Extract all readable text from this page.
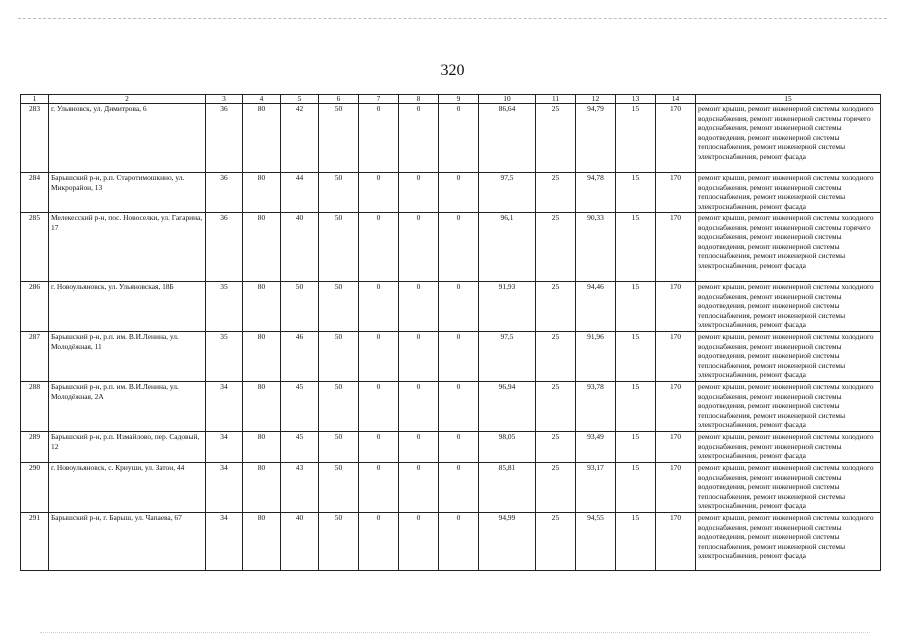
320
1	2	3	4	5	6	7	8	9	10	11	12	13	14	15
283	г. Ульяновск, ул. Димитрова, 6	36	80	42	50	0	0	0	86,64	25	94,79	15	170	ремонт крыши, ремонт инженерной системы холодного водоснабжения, ремонт инженерной системы горячего водоснабжения, ремонт инженерной системы водоотведения, ремонт инженерной системы теплоснабжения, ремонт инженерной системы электроснабжения, ремонт фасада
284	Барышский р-н, р.п. Старотимошкино, ул. Микрорайон, 13	36	80	44	50	0	0	0	97,5	25	94,78	15	170	ремонт крыши, ремонт инженерной системы холодного водоснабжения, ремонт инженерной системы теплоснабжения, ремонт инженерной системы электроснабжения, ремонт фасада
285	Мелекесский р-н, пос. Новоселки, ул. Гагарина, 17	36	80	40	50	0	0	0	96,1	25	90,33	15	170	ремонт крыши, ремонт инженерной системы холодного водоснабжения, ремонт инженерной системы горячего водоснабжения, ремонт инженерной системы водоотведения, ремонт инженерной системы теплоснабжения, ремонт инженерной системы электроснабжения, ремонт фасада
286	г. Новоульяновск, ул. Ульяновская, 18Б	35	80	50	50	0	0	0	91,93	25	94,46	15	170	ремонт крыши, ремонт инженерной системы холодного водоснабжения, ремонт инженерной системы водоотведения, ремонт инженерной системы теплоснабжения, ремонт инженерной системы электроснабжения, ремонт фасада
287	Барышский р-н, р.п. им. В.И.Ленина, ул. Молодёжная, 11	35	80	46	50	0	0	0	97,5	25	91,96	15	170	ремонт крыши, ремонт инженерной системы холодного водоснабжения, ремонт инженерной системы водоотведения, ремонт инженерной системы теплоснабжения, ремонт инженерной системы электроснабжения, ремонт фасада
288	Барышский р-н, р.п. им. В.И.Ленина, ул. Молодёжная, 2А	34	80	45	50	0	0	0	96,94	25	93,78	15	170	ремонт крыши, ремонт инженерной системы холодного водоснабжения, ремонт инженерной системы водоотведения, ремонт инженерной системы теплоснабжения, ремонт инженерной системы электроснабжения, ремонт фасада
289	Барышский р-н, р.п. Измайлово, пер. Садовый, 12	34	80	45	50	0	0	0	98,05	25	93,49	15	170	ремонт крыши, ремонт инженерной системы холодного водоснабжения, ремонт инженерной системы электроснабжения, ремонт фасада
290	г. Новоульяновск, с. Криуши, ул. Затон, 44	34	80	43	50	0	0	0	85,81	25	93,17	15	170	ремонт крыши, ремонт инженерной системы холодного водоснабжения, ремонт инженерной системы водоотведения, ремонт инженерной системы теплоснабжения, ремонт инженерной системы электроснабжения, ремонт фасада
291	Барышский р-н, г. Барыш, ул. Чапаева, 67	34	80	40	50	0	0	0	94,99	25	94,55	15	170	ремонт крыши, ремонт инженерной системы холодного водоснабжения, ремонт инженерной системы водоотведения, ремонт инженерной системы теплоснабжения, ремонт инженерной системы электроснабжения, ремонт фасада
